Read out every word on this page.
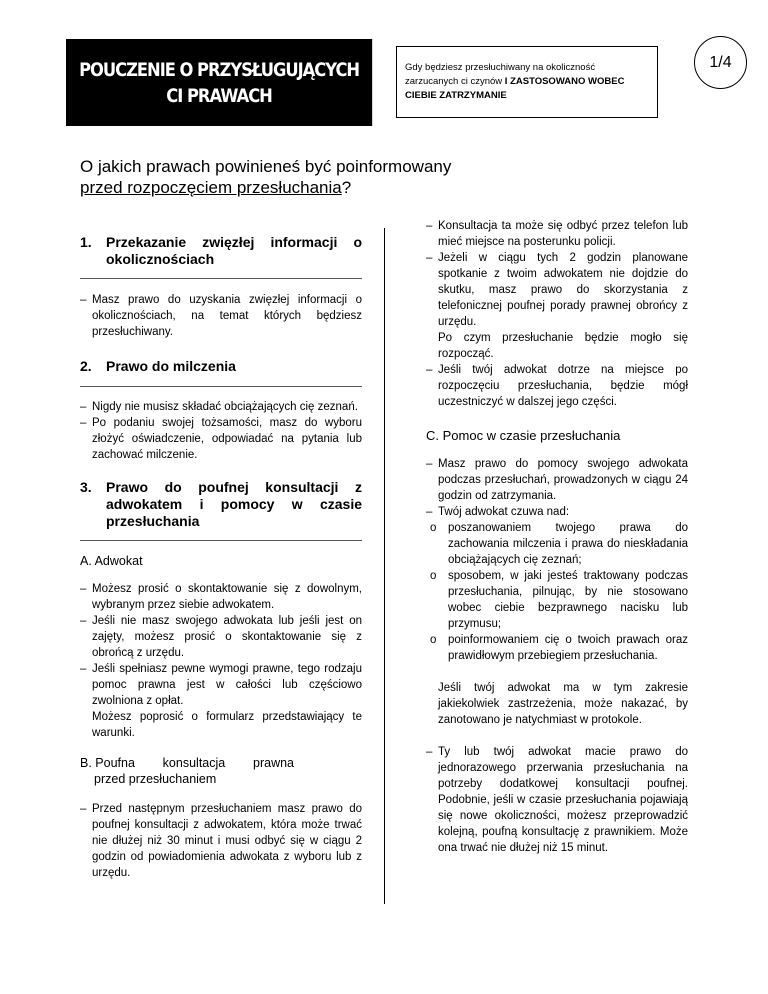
POUCZENIE O PRZYSŁUGUJĄCYCH
CI PRAWACH
Gdy będziesz przesłuchiwany na okoliczność
zarzucanych ci czynów I ZASTOSOWANO WOBEC
CIEBIE ZATRZYMANIE
1/4
O jakich prawach powinieneś być poinformowany
przed rozpoczęciem przesłuchania?
1.	Przekazanie zwięzłej informacji o okolicznościach
– Masz prawo do uzyskania zwięzłej informacji o okolicznościach, na temat których będziesz przesłuchiwany.
2.	Prawo do milczenia
– Nigdy nie musisz składać obciążających cię zeznań.
– Po podaniu swojej tożsamości, masz do wyboru złożyć oświadczenie, odpowiadać na pytania lub zachować milczenie.
3.	Prawo do poufnej konsultacji z adwokatem i pomocy w czasie przesłuchania
A. Adwokat
– Możesz prosić o skontaktowanie się z dowolnym, wybranym przez siebie adwokatem.
– Jeśli nie masz swojego adwokata lub jeśli jest on zajęty, możesz prosić o skontaktowanie się z obrońcą z urzędu.
– Jeśli spełniasz pewne wymogi prawne, tego rodzaju pomoc prawna jest w całości lub częściowo zwolniona z opłat.
Możesz poprosić o formularz przedstawiający te warunki.
B. Poufna        konsultacja        prawna
przed przesłuchaniem
– Przed następnym przesłuchaniem masz prawo do poufnej konsultacji z adwokatem, która może trwać nie dłużej niż 30 minut i musi odbyć się w ciągu 2 godzin od powiadomienia adwokata z wyboru lub z urzędu.
– Konsultacja ta może się odbyć przez telefon lub mieć miejsce na posterunku policji.
– Jeżeli w ciągu tych 2 godzin planowane spotkanie z twoim adwokatem nie dojdzie do skutku, masz prawo do skorzystania z telefonicznej poufnej porady prawnej obrońcy z urzędu.
Po czym przesłuchanie będzie mogło się rozpocząć.
– Jeśli twój adwokat dotrze na miejsce po rozpoczęciu przesłuchania, będzie mógł uczestniczyć w dalszej jego części.
C. Pomoc w czasie przesłuchania
– Masz prawo do pomocy swojego adwokata podczas przesłuchań, prowadzonych w ciągu 24 godzin od zatrzymania.
– Twój adwokat czuwa nad:
o	poszanowaniem twojego prawa do zachowania milczenia i prawa do nieskładania obciążających cię zeznań;
o	sposobem, w jaki jesteś traktowany podczas przesłuchania, pilnując, by nie stosowano wobec ciebie bezprawnego nacisku lub przymusu;
o	poinformowaniem cię o twoich prawach oraz prawidłowym przebiegiem przesłuchania.
Jeśli twój adwokat ma w tym zakresie jakiekolwiek zastrzeżenia, może nakazać, by zanotowano je natychmiast w protokole.
– Ty lub twój adwokat macie prawo do jednorazowego przerwania przesłuchania na potrzeby dodatkowej konsultacji poufnej. Podobnie, jeśli w czasie przesłuchania pojawiają się nowe okoliczności, możesz przeprowadzić kolejną, poufną konsultację z prawnikiem. Może ona trwać nie dłużej niż 15 minut.
